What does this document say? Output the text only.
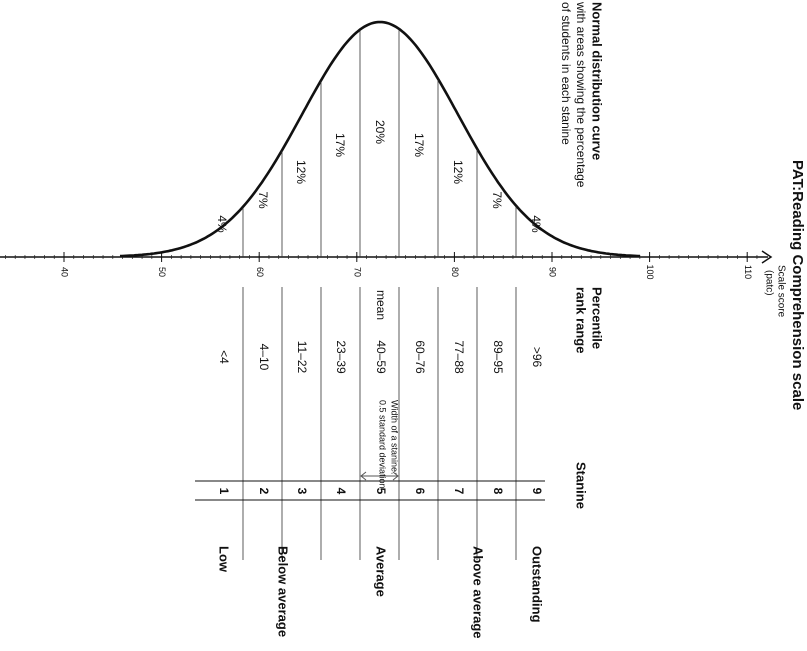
PAT:Reading Comprehension scale
Normal distribution curve
with areas showing the percentage
of students in each stanine
Scale score
(patc)
40	50	60	70	80	90	100	110
mean
4%
7%
12%
17%
20%
17%
12%
7%
4%
Percentile
rank range
<4 4–10 11–22 23–39 40–59 60–76 77–88 89–95 >96
Width of a stanine:
0.5 standard deviation	Stanine
1 2 3 4 5 6 7 8 9
Low	Below average	Average	Above average	Outstanding
